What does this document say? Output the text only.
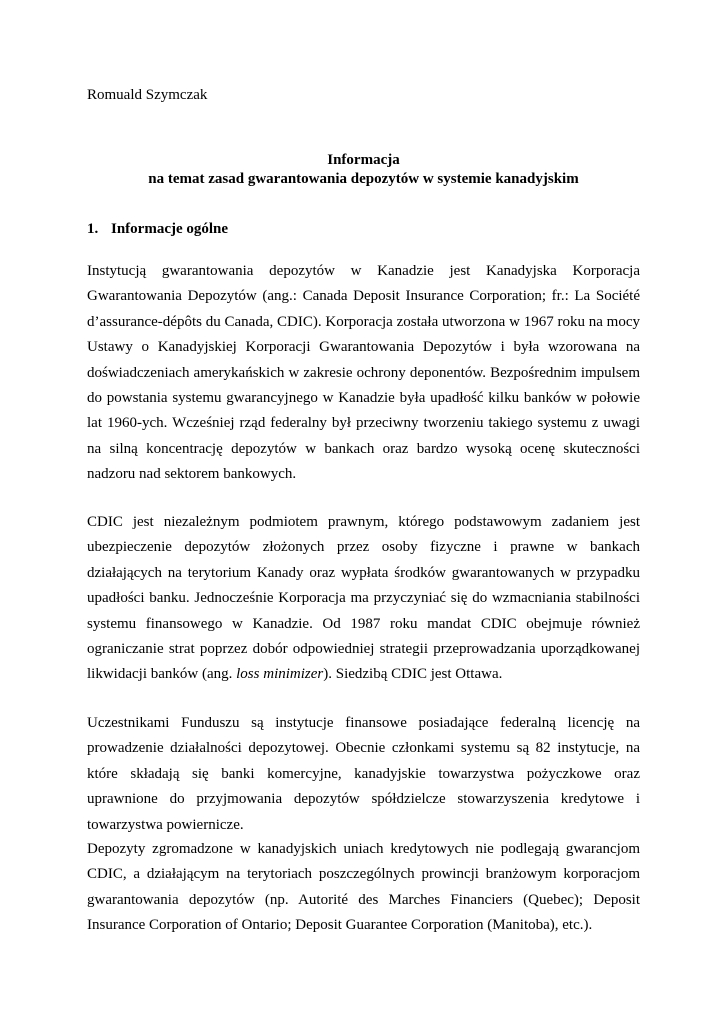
Romuald Szymczak

Informacja
na temat zasad gwarantowania depozytów w systemie kanadyjskim
1. Informacje ogólne

Instytucją gwarantowania depozytów w Kanadzie jest Kanadyjska Korporacja Gwarantowania Depozytów (ang.: Canada Deposit Insurance Corporation; fr.: La Société d’assurance-dépôts du Canada, CDIC). Korporacja została utworzona w 1967 roku na mocy Ustawy o Kanadyjskiej Korporacji Gwarantowania Depozytów i była wzorowana na doświadczeniach amerykańskich w zakresie ochrony deponentów. Bezpośrednim impulsem do powstania systemu gwarancyjnego w Kanadzie była upadłość kilku banków w połowie lat 1960-ych. Wcześniej rząd federalny był przeciwny tworzeniu takiego systemu z uwagi na silną koncentrację depozytów w bankach oraz bardzo wysoką ocenę skuteczności nadzoru nad sektorem bankowych.

CDIC jest niezależnym podmiotem prawnym, którego podstawowym zadaniem jest ubezpieczenie depozytów złożonych przez osoby fizyczne i prawne w bankach działających na terytorium Kanady oraz wypłata środków gwarantowanych w przypadku upadłości banku. Jednocześnie Korporacja ma przyczyniać się do wzmacniania stabilności systemu finansowego w Kanadzie. Od 1987 roku mandat CDIC obejmuje również ograniczanie strat poprzez dobór odpowiedniej strategii przeprowadzania uporządkowanej likwidacji banków (ang. loss minimizer). Siedzibą CDIC jest Ottawa.

Uczestnikami Funduszu są instytucje finansowe posiadające federalną licencję na prowadzenie działalności depozytowej. Obecnie członkami systemu są 82 instytucje, na które składają się banki komercyjne, kanadyjskie towarzystwa pożyczkowe oraz uprawnione do przyjmowania depozytów spółdzielcze stowarzyszenia kredytowe i towarzystwa powiernicze.

Depozyty zgromadzone w kanadyjskich uniach kredytowych nie podlegają gwarancjom CDIC, a działającym na terytoriach poszczególnych prowincji branżowym korporacjom gwarantowania depozytów (np. Autorité des Marches Financiers (Quebec); Deposit Insurance Corporation of Ontario; Deposit Guarantee Corporation (Manitoba), etc.).
